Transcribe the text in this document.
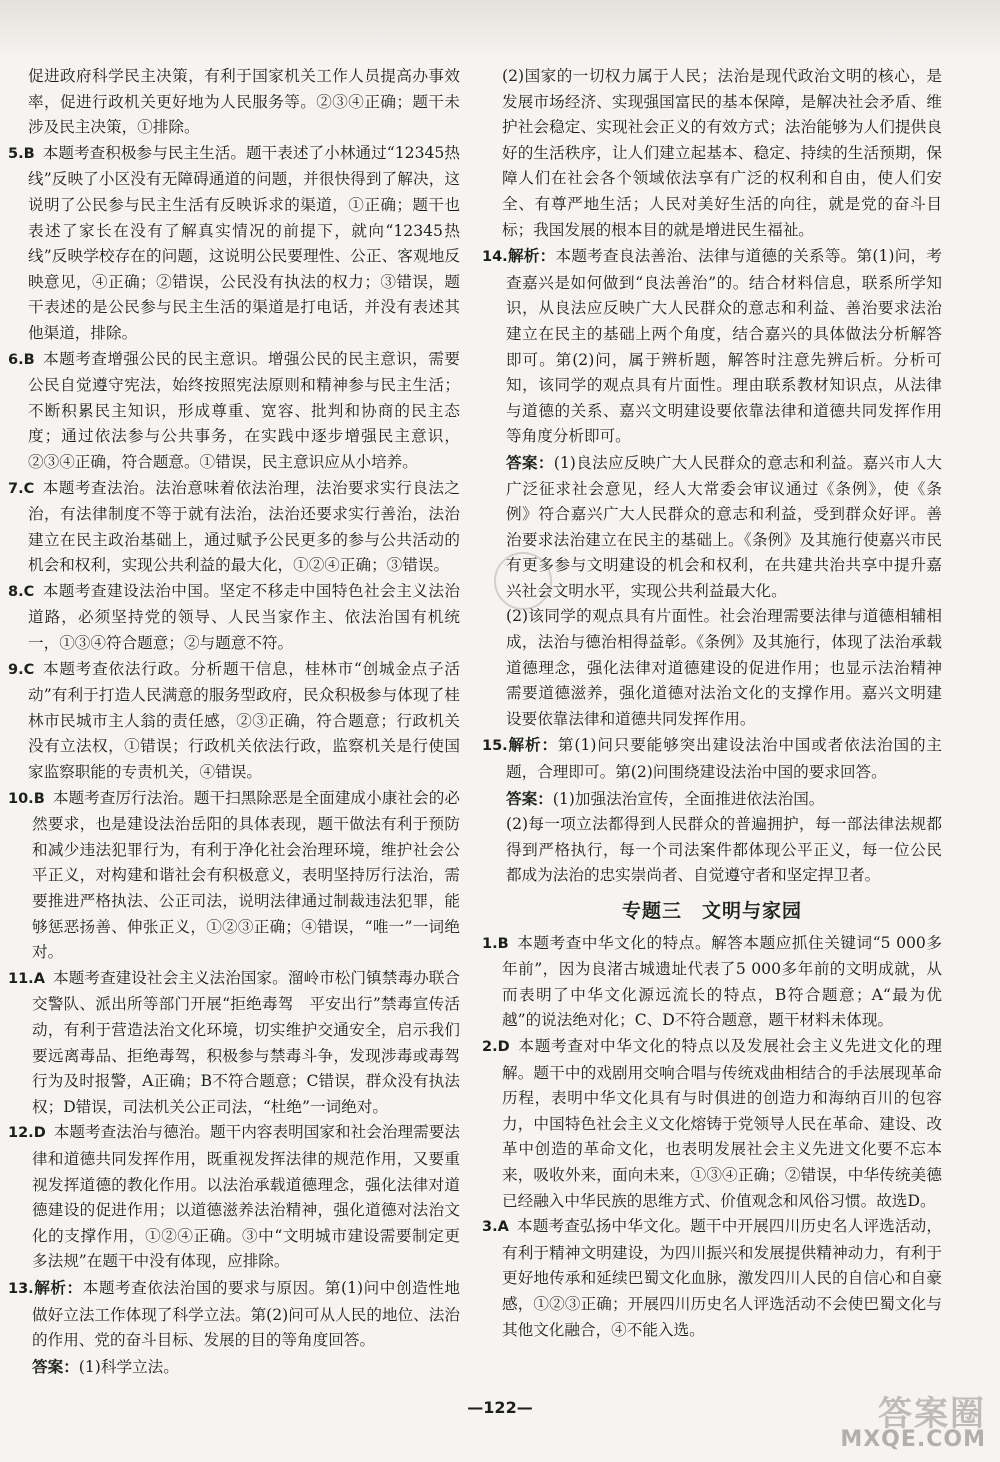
促进政府科学民主决策，有利于国家机关工作人员提高办事效率，促进行政机关更好地为人民服务等。②③④正确；题干未涉及民主决策，①排除。

5.B 本题考查积极参与民主生活。题干表述了小林通过“12345热线”反映了小区没有无障碍通道的问题，并很快得到了解决，这说明了公民参与民主生活有反映诉求的渠道，①正确；题干也表述了家长在没有了解真实情况的前提下，就向“12345热线”反映学校存在的问题，这说明公民要理性、公正、客观地反映意见，④正确；②错误，公民没有执法的权力；③错误，题干表述的是公民参与民主生活的渠道是打电话，并没有表述其他渠道，排除。

6.B 本题考查增强公民的民主意识。增强公民的民主意识，需要公民自觉遵守宪法，始终按照宪法原则和精神参与民主生活；不断积累民主知识，形成尊重、宽容、批判和协商的民主态度；通过依法参与公共事务，在实践中逐步增强民主意识，②③④正确，符合题意。①错误，民主意识应从小培养。

7.C 本题考查法治。法治意味着依法治理，法治要求实行良法之治，有法律制度不等于就有法治，法治还要求实行善治，法治建立在民主政治基础上，通过赋予公民更多的参与公共活动的机会和权利，实现公共利益的最大化，①②④正确；③错误。

8.C 本题考查建设法治中国。坚定不移走中国特色社会主义法治道路，必须坚持党的领导、人民当家作主、依法治国有机统一，①③④符合题意；②与题意不符。

9.C 本题考查依法行政。分析题干信息，桂林市“创城金点子活动”有利于打造人民满意的服务型政府，民众积极参与体现了桂林市民城市主人翁的责任感，②③正确，符合题意；行政机关没有立法权，①错误；行政机关依法行政，监察机关是行使国家监察职能的专责机关，④错误。

10.B 本题考查厉行法治。题干扫黑除恶是全面建成小康社会的必然要求，也是建设法治岳阳的具体表现，题干做法有利于预防和减少违法犯罪行为，有利于净化社会治理环境，维护社会公平正义，对构建和谐社会有积极意义，表明坚持厉行法治，需要推进严格执法、公正司法，说明法律通过制裁违法犯罪，能够惩恶扬善、伸张正义，①②③正确；④错误，“唯一”一词绝对。

11.A 本题考查建设社会主义法治国家。溜岭市松门镇禁毒办联合交警队、派出所等部门开展“拒绝毒驾　平安出行”禁毒宣传活动，有利于营造法治文化环境，切实维护交通安全，启示我们要远离毒品、拒绝毒驾，积极参与禁毒斗争，发现涉毒或毒驾行为及时报警，A正确；B不符合题意；C错误，群众没有执法权；D错误，司法机关公正司法，“杜绝”一词绝对。

12.D 本题考查法治与德治。题干内容表明国家和社会治理需要法律和道德共同发挥作用，既重视发挥法律的规范作用，又要重视发挥道德的教化作用。以法治承载道德理念，强化法律对道德建设的促进作用；以道德滋养法治精神，强化道德对法治文化的支撑作用，①②④正确。③中“文明城市建设需要制定更多法规”在题干中没有体现，应排除。

13.解析：本题考查依法治国的要求与原因。第(1)问中创造性地做好立法工作体现了科学立法。第(2)问可从人民的地位、法治的作用、党的奋斗目标、发展的目的等角度回答。

答案：(1)科学立法。

(2)国家的一切权力属于人民；法治是现代政治文明的核心，是发展市场经济、实现强国富民的基本保障，是解决社会矛盾、维护社会稳定、实现社会正义的有效方式；法治能够为人们提供良好的生活秩序，让人们建立起基本、稳定、持续的生活预期，保障人们在社会各个领域依法享有广泛的权利和自由，使人们安全、有尊严地生活；人民对美好生活的向往，就是党的奋斗目标；我国发展的根本目的就是增进民生福祉。

14.解析：本题考查良法善治、法律与道德的关系等。第(1)问，考查嘉兴是如何做到“良法善治”的。结合材料信息，联系所学知识，从良法应反映广大人民群众的意志和利益、善治要求法治建立在民主的基础上两个角度，结合嘉兴的具体做法分析解答即可。第(2)问，属于辨析题，解答时注意先辨后析。分析可知，该同学的观点具有片面性。理由联系教材知识点，从法律与道德的关系、嘉兴文明建设要依靠法律和道德共同发挥作用等角度分析即可。

答案：(1)良法应反映广大人民群众的意志和利益。嘉兴市人大广泛征求社会意见，经人大常委会审议通过《条例》，使《条例》符合嘉兴广大人民群众的意志和利益，受到群众好评。善治要求法治建立在民主的基础上。《条例》及其施行使嘉兴市民有更多参与文明建设的机会和权利，在共建共治共享中提升嘉兴社会文明水平，实现公共利益最大化。

(2)该同学的观点具有片面性。社会治理需要法律与道德相辅相成，法治与德治相得益彰。《条例》及其施行，体现了法治承载道德理念，强化法律对道德建设的促进作用；也显示法治精神需要道德滋养，强化道德对法治文化的支撑作用。嘉兴文明建设要依靠法律和道德共同发挥作用。

15.解析：第(1)问只要能够突出建设法治中国或者依法治国的主题，合理即可。第(2)问围绕建设法治中国的要求回答。

答案：(1)加强法治宣传，全面推进依法治国。

(2)每一项立法都得到人民群众的普遍拥护，每一部法律法规都得到严格执行，每一个司法案件都体现公平正义，每一位公民都成为法治的忠实崇尚者、自觉遵守者和坚定捍卫者。

专题三　文明与家园

1.B 本题考查中华文化的特点。解答本题应抓住关键词“5 000多年前”，因为良渚古城遗址代表了5 000多年前的文明成就，从而表明了中华文化源远流长的特点，B符合题意；A“最为优越”的说法绝对化；C、D不符合题意，题干材料未体现。

2.D 本题考查对中华文化的特点以及发展社会主义先进文化的理解。题干中的戏剧用交响合唱与传统戏曲相结合的手法展现革命历程，表明中华文化具有与时俱进的创造力和海纳百川的包容力，中国特色社会主义文化熔铸于党领导人民在革命、建设、改革中创造的革命文化，也表明发展社会主义先进文化要不忘本来，吸收外来，面向未来，①③④正确；②错误，中华传统美德已经融入中华民族的思维方式、价值观念和风俗习惯。故选D。

3.A 本题考查弘扬中华文化。题干中开展四川历史名人评选活动，有利于精神文明建设，为四川振兴和发展提供精神动力，有利于更好地传承和延续巴蜀文化血脉，激发四川人民的自信心和自豪感，①②③正确；开展四川历史名人评选活动不会使巴蜀文化与其他文化融合，④不能入选。

—122—	答案圈
MXQE.COM
